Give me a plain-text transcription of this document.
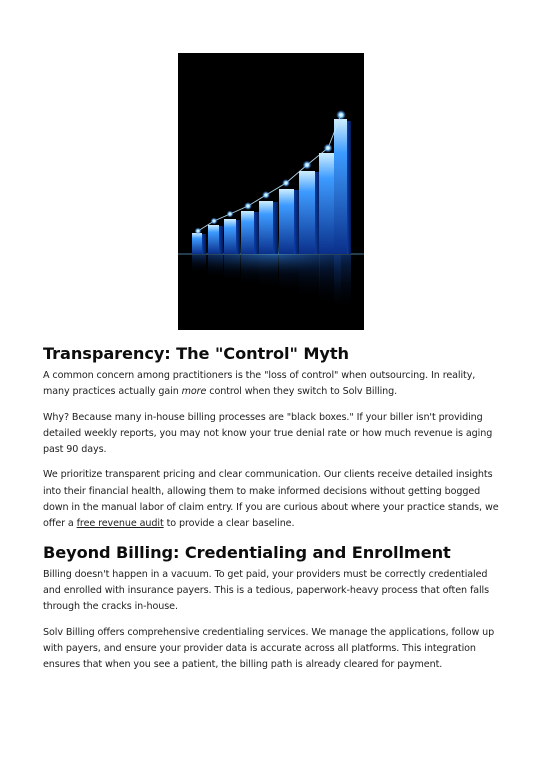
Transparency: The "Control" Myth

A common concern among practitioners is the "loss of control" when outsourcing. In reality, many practices actually gain more control when they switch to Solv Billing.

Why? Because many in-house billing processes are "black boxes." If your biller isn't providing detailed weekly reports, you may not know your true denial rate or how much revenue is aging past 90 days.

We prioritize transparent pricing and clear communication. Our clients receive detailed insights into their financial health, allowing them to make informed decisions without getting bogged down in the manual labor of claim entry. If you are curious about where your practice stands, we offer a free revenue audit to provide a clear baseline.

Beyond Billing: Credentialing and Enrollment

Billing doesn't happen in a vacuum. To get paid, your providers must be correctly credentialed and enrolled with insurance payers. This is a tedious, paperwork-heavy process that often falls through the cracks in-house.

Solv Billing offers comprehensive credentialing services. We manage the applications, follow up with payers, and ensure your provider data is accurate across all platforms. This integration ensures that when you see a patient, the billing path is already cleared for payment.
